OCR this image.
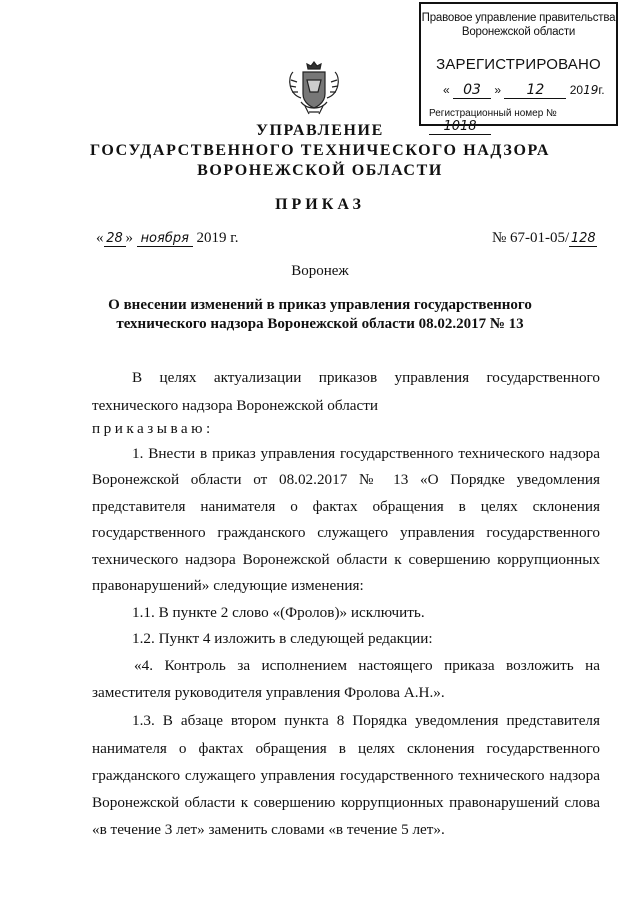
Правовое управление правительства
Воронежской области
ЗАРЕГИСТРИРОВАНО
« 03 » 12 2019г.
Регистрационный номер № 1018
УПРАВЛЕНИЕ
ГОСУДАРСТВЕННОГО ТЕХНИЧЕСКОГО НАДЗОРА
ВОРОНЕЖСКОЙ ОБЛАСТИ
ПРИКАЗ
« 28 » ноября 2019 г.	№ 67-01-05/ 128
Воронеж
О внесении изменений в приказ управления государственного
технического надзора Воронежской области 08.02.2017 № 13
В целях актуализации приказов управления государственного
технического надзора Воронежской области
приказываю:
1. Внести в приказ управления государственного технического надзора
Воронежской области от 08.02.2017 № 13 «О Порядке уведомления
представителя нанимателя о фактах обращения в целях склонения
государственного гражданского служащего управления государственного
технического надзора Воронежской области к совершению коррупционных
правонарушений» следующие изменения:
1.1. В пункте 2 слово «(Фролов)» исключить.
1.2. Пункт 4 изложить в следующей редакции:
«4. Контроль за исполнением настоящего приказа возложить на
заместителя руководителя управления Фролова А.Н.».
1.3. В абзаце втором пункта 8 Порядка уведомления представителя
нанимателя о фактах обращения в целях склонения государственного
гражданского служащего управления государственного технического надзора
Воронежской области к совершению коррупционных правонарушений слова
«в течение 3 лет» заменить словами «в течение 5 лет».
